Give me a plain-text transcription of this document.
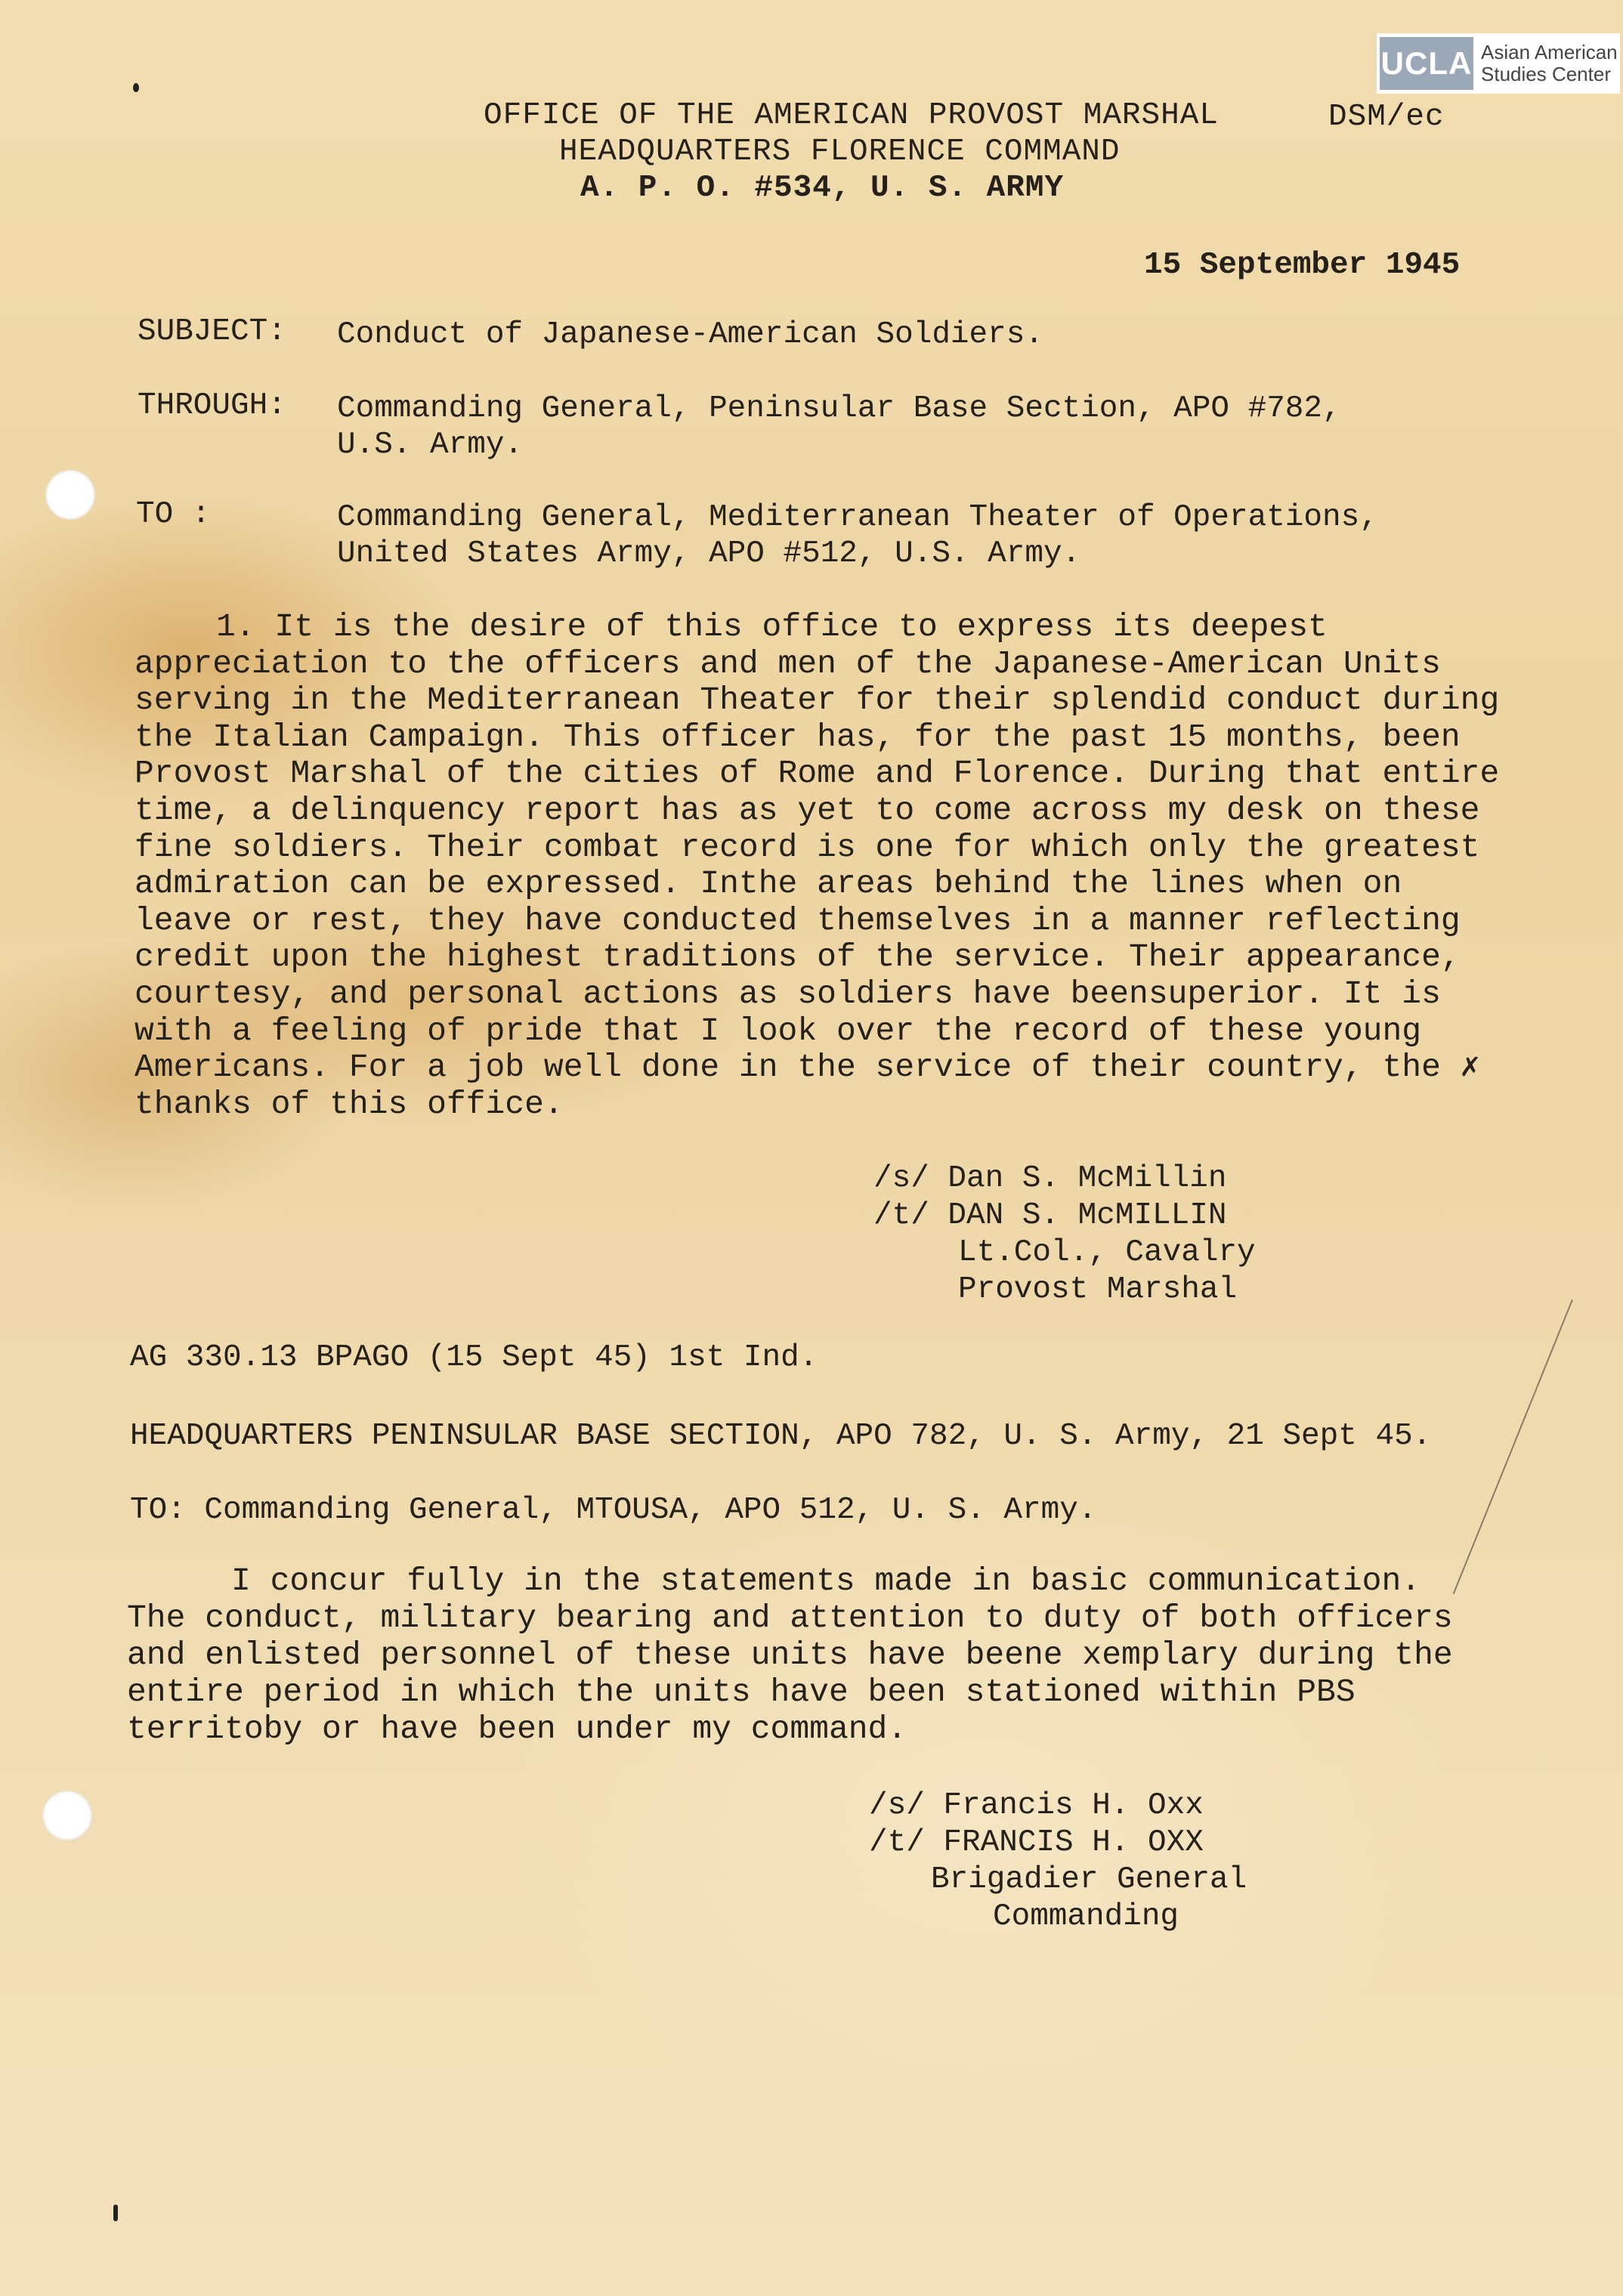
UCLA Asian American
Studies Center
OFFICE OF THE AMERICAN PROVOST MARSHAL
HEADQUARTERS FLORENCE COMMAND
A. P. O. #534, U. S. ARMY
DSM/ec
15 September 1945
SUBJECT: Conduct of Japanese-American Soldiers.
THROUGH: Commanding General, Peninsular Base Section, APO #782,
U.S. Army.
TO :	Commanding General, Mediterranean Theater of Operations,
United States Army, APO #512, U.S. Army.
1. It is the desire of this office to express its deepest
appreciation to the officers and men of the Japanese-American Units
serving in the Mediterranean Theater for their splendid conduct during
the Italian Campaign. This officer has, for the past 15 months, been
Provost Marshal of the cities of Rome and Florence. During that entire
time, a delinquency report has as yet to come across my desk on these
fine soldiers. Their combat record is one for which only the greatest
admiration can be expressed. Inthe areas behind the lines when on
leave or rest, they have conducted themselves in a manner reflecting
credit upon the highest traditions of the service. Their appearance,
courtesy, and personal actions as soldiers have beensuperior. It is
with a feeling of pride that I look over the record of these young
Americans. For a job well done in the service of their country, the ✗
thanks of this office.
/s/ Dan S. McMillin
/t/ DAN S. McMILLIN
Lt.Col., Cavalry
Provost Marshal
AG 330.13 BPAGO (15 Sept 45) 1st Ind.
HEADQUARTERS PENINSULAR BASE SECTION, APO 782, U. S. Army, 21 Sept 45.
TO: Commanding General, MTOUSA, APO 512, U. S. Army.
I concur fully in the statements made in basic communication.
The conduct, military bearing and attention to duty of both officers
and enlisted personnel of these units have beene xemplary during the
entire period in which the units have been stationed within PBS
territoby or have been under my command.
/s/ Francis H. Oxx
/t/ FRANCIS H. OXX
Brigadier General
Commanding
